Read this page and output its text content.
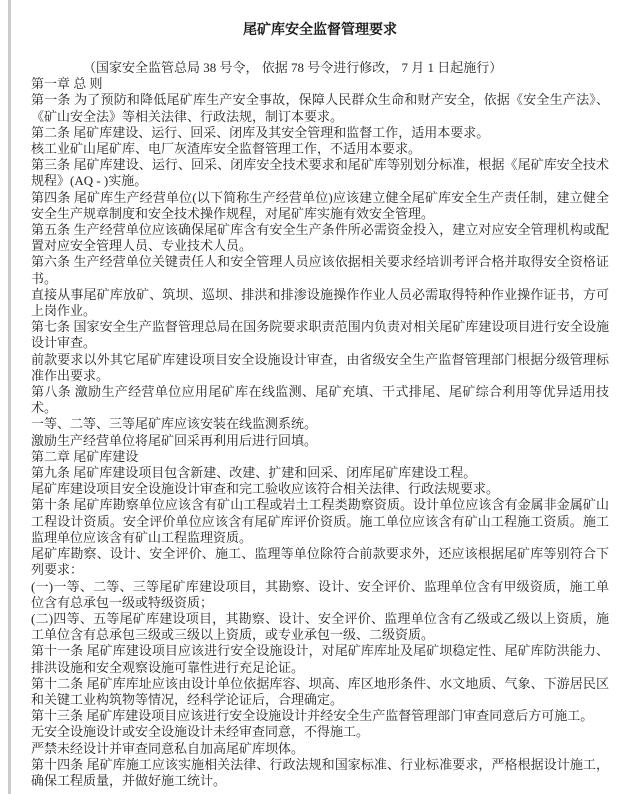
尾矿库安全监督管理要求

（国家安全监管总局 38 号令， 依据 78 号令进行修改， 7 月 1 日起施行）

第一章 总 则

第一条 为了预防和降低尾矿库生产安全事故，保障人民群众生命和财产安全，依据《安全生产法》、《矿山安全法》等相关法律、行政法规，制订本要求。

第二条 尾矿库建设、运行、回采、闭库及其安全管理和监督工作，适用本要求。

核工业矿山尾矿库、电厂灰渣库安全监督管理工作，不适用本要求。

第三条 尾矿库建设、运行、回采、闭库安全技术要求和尾矿库等别划分标准，根据《尾矿库安全技术规程》(AQ - )实施。

第四条 尾矿库生产经营单位(以下简称生产经营单位)应该建立健全尾矿库安全生产责任制，建立健全安全生产规章制度和安全技术操作规程，对尾矿库实施有效安全管理。

第五条 生产经营单位应该确保尾矿库含有安全生产条件所必需资金投入，建立对应安全管理机构或配置对应安全管理人员、专业技术人员。

第六条 生产经营单位关键责任人和安全管理人员应该依据相关要求经培训考评合格并取得安全资格证书。

直接从事尾矿库放矿、筑坝、巡坝、排洪和排渗设施操作作业人员必需取得特种作业操作证书，方可上岗作业。

第七条 国家安全生产监督管理总局在国务院要求职责范围内负责对相关尾矿库建设项目进行安全设施设计审查。

前款要求以外其它尾矿库建设项目安全设施设计审查，由省级安全生产监督管理部门根据分级管理标准作出要求。

第八条 激励生产经营单位应用尾矿库在线监测、尾矿充填、干式排尾、尾矿综合利用等优异适用技术。

一等、二等、三等尾矿库应该安装在线监测系统。

激励生产经营单位将尾矿回采再利用后进行回填。

第二章 尾矿库建设

第九条 尾矿库建设项目包含新建、改建、扩建和回采、闭库尾矿库建设工程。

尾矿库建设项目安全设施设计审查和完工验收应该符合相关法律、行政法规要求。

第十条 尾矿库勘察单位应该含有矿山工程或岩土工程类勘察资质。设计单位应该含有金属非金属矿山工程设计资质。安全评价单位应该含有尾矿库评价资质。施工单位应该含有矿山工程施工资质。施工监理单位应该含有矿山工程监理资质。

尾矿库勘察、设计、安全评价、施工、监理等单位除符合前款要求外，还应该根据尾矿库等别符合下列要求：

(一)一等、二等、三等尾矿库建设项目，其勘察、设计、安全评价、监理单位含有甲级资质，施工单位含有总承包一级或特级资质；

(二)四等、五等尾矿库建设项目，其勘察、设计、安全评价、监理单位含有乙级或乙级以上资质，施工单位含有总承包三级或三级以上资质，或专业承包一级、二级资质。

第十一条 尾矿库建设项目应该进行安全设施设计，对尾矿库库址及尾矿坝稳定性、尾矿库防洪能力、排洪设施和安全观察设施可靠性进行充足论证。

第十二条 尾矿库库址应该由设计单位依据库容、坝高、库区地形条件、水文地质、气象、下游居民区和关键工业构筑物等情况，经科学论证后，合理确定。

第十三条 尾矿库建设项目应该进行安全设施设计并经安全生产监督管理部门审查同意后方可施工。

无安全设施设计或安全设施设计未经审查同意，不得施工。

严禁未经设计并审查同意私自加高尾矿库坝体。

第十四条 尾矿库施工应该实施相关法律、行政法规和国家标准、行业标准要求，严格根据设计施工，确保工程质量，并做好施工统计。
